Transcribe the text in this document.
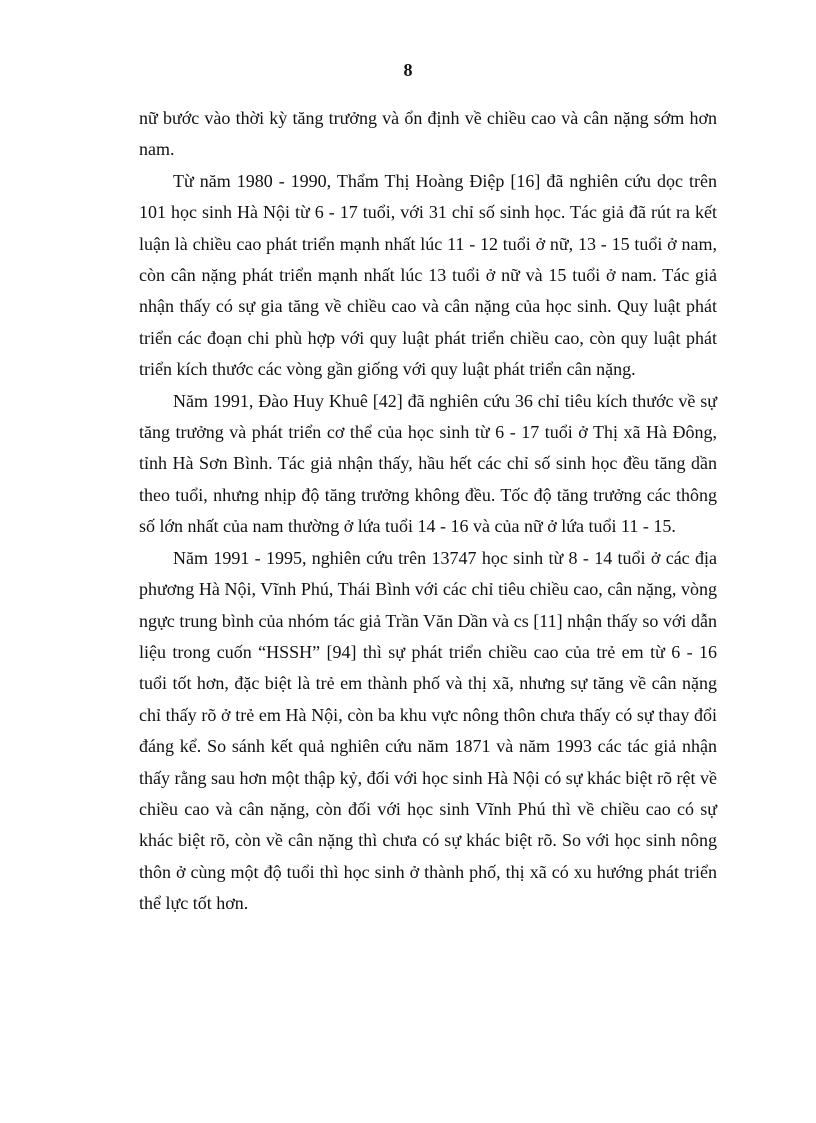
8

nữ bước vào thời kỳ tăng trưởng và ổn định về chiều cao và cân nặng sớm hơn nam.

Từ năm 1980 - 1990, Thẩm Thị Hoàng Điệp [16] đã nghiên cứu dọc trên 101 học sinh Hà Nội từ 6 - 17 tuổi, với 31 chỉ số sinh học. Tác giả đã rút ra kết luận là chiều cao phát triển mạnh nhất lúc 11 - 12 tuổi ở nữ, 13 - 15 tuổi ở nam, còn cân nặng phát triển mạnh nhất lúc 13 tuổi ở nữ và 15 tuổi ở nam. Tác giả nhận thấy có sự gia tăng về chiều cao và cân nặng của học sinh. Quy luật phát triển các đoạn chi phù hợp với quy luật phát triển chiều cao, còn quy luật phát triển kích thước các vòng gần giống với quy luật phát triển cân nặng.

Năm 1991, Đào Huy Khuê [42] đã nghiên cứu 36 chỉ tiêu kích thước về sự tăng trưởng và phát triển cơ thể của học sinh từ 6 - 17 tuổi ở Thị xã Hà Đông, tỉnh Hà Sơn Bình. Tác giả nhận thấy, hầu hết các chỉ số sinh học đều tăng dần theo tuổi, nhưng nhịp độ tăng trưởng không đều. Tốc độ tăng trưởng các thông số lớn nhất của nam thường ở lứa tuổi 14 - 16 và của nữ ở lứa tuổi 11 - 15.

Năm 1991 - 1995, nghiên cứu trên 13747 học sinh từ 8 - 14 tuổi ở các địa phương Hà Nội, Vĩnh Phú, Thái Bình với các chỉ tiêu chiều cao, cân nặng, vòng ngực trung bình của nhóm tác giả Trần Văn Dần và cs [11] nhận thấy so với dẫn liệu trong cuốn “HSSH” [94] thì sự phát triển chiều cao của trẻ em từ 6 - 16 tuổi tốt hơn, đặc biệt là trẻ em thành phố và thị xã, nhưng sự tăng về cân nặng chỉ thấy rõ ở trẻ em Hà Nội, còn ba khu vực nông thôn chưa thấy có sự thay đổi đáng kể. So sánh kết quả nghiên cứu năm 1871 và năm 1993 các tác giả nhận thấy rằng sau hơn một thập kỷ, đối với học sinh Hà Nội có sự khác biệt rõ rệt về chiều cao và cân nặng, còn đối với học sinh Vĩnh Phú thì về chiều cao có sự khác biệt rõ, còn về cân nặng thì chưa có sự khác biệt rõ. So với học sinh nông thôn ở cùng một độ tuổi thì học sinh ở thành phố, thị xã có xu hướng phát triển thể lực tốt hơn.
